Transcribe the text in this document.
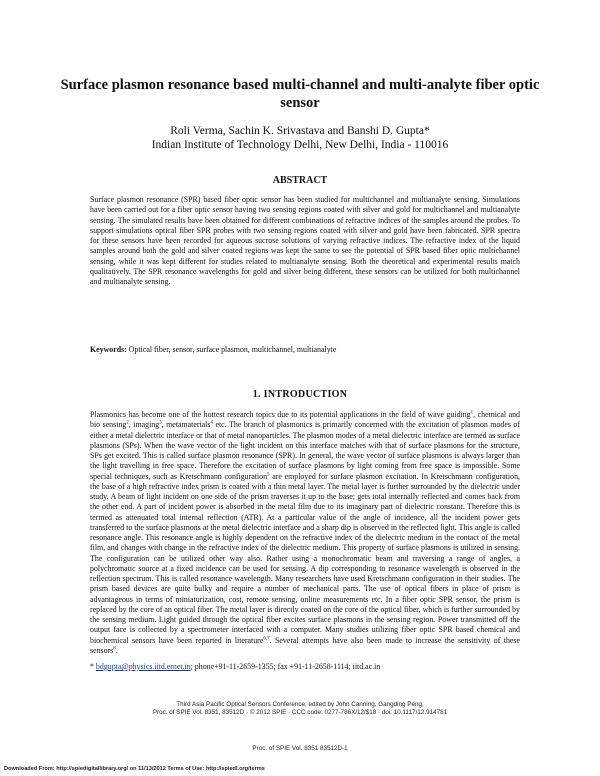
Surface plasmon resonance based multi-channel and multi-analyte fiber optic sensor
Roli Verma, Sachin K. Srivastava and Banshi D. Gupta*
Indian Institute of Technology Delhi, New Delhi, India - 110016
ABSTRACT
Surface plasmon resonance (SPR) based fiber optic sensor has been studied for multichannel and multianalyte sensing. Simulations have been carried out for a fiber optic sensor having two sensing regions coated with silver and gold for multichannel and multianalyte sensing. The simulated results have been obtained for different combinations of refractive indices of the samples around the probes. To support simulations optical fiber SPR probes with two sensing regions coated with silver and gold have been fabricated. SPR spectra for these sensors have been recorded for aqueous sucrose solutions of varying refractive indices. The refractive index of the liquid samples around both the gold and silver coated regions was kept the same to see the potential of SPR based fiber optic multichannel sensing, while it was kept different for studies related to multianalyte sensing. Both the theoretical and experimental results match qualitatively. The SPR resonance wavelengths for gold and silver being different, these sensors can be utilized for both multichannel and multianalyte sensing.
Keywords: Optical fiber, sensor, surface plasmon, multichannel, multianalyte
1. INTRODUCTION
Plasmonics has become one of the hottest research topics due to its potential applications in the field of wave guiding$^1$, chemical and bio sensing$^2$, imaging$^3$, metamaterials$^4$ etc. The branch of plasmonics is primarily concerned with the excitation of plasmon modes of either a metal dielectric interface or that of metal nanoparticles. The plasmon modes of a metal dielectric interface are termed as surface plasmons (SPs). When the wave vector of the light incident on this interface matches with that of surface plasmons for the structure, SPs get excited. This is called surface plasmon resonance (SPR). In general, the wave vector of surface plasmons is always larger than the light travelling in free space. Therefore the excitation of surface plasmons by light coming from free space is impossible. Some special techniques, such as Kretschmann configuration$^5$ are employed for surface plasmon excitation. In Kretschmann configuration, the base of a high refractive index prism is coated with a thin metal layer. The metal layer is further surrounded by the dielectric under study. A beam of light incident on one side of the prism traverses it up to the base; gets total internally reflected and comes back from the other end. A part of incident power is absorbed in the metal film due to its imaginary part of dielectric constant. Therefore this is termed as attenuated total internal reflection (ATR). At a particular value of the angle of incidence, all the incident power gets transferred to the surface plasmons at the metal dielectric interface and a sharp dip is observed in the reflected light. This angle is called resonance angle. This resonance angle is highly dependent on the refractive index of the dielectric medium in the contact of the metal film, and changes with change in the refractive index of the dielectric medium. This property of surface plasmons is utilized in sensing. The configuration can be utilized other way also. Rather using a monochromatic beam and traversing a range of angles, a polychromatic source at a fixed incidence can be used for sensing. A dip corresponding to resonance wavelength is observed in the reflection spectrum. This is called resonance wavelength. Many researchers have used Kretschmann configuration in their studies. The prism based devices are quite bulky and require a number of mechanical parts. The use of optical fibers in place of prism is advantageous in terms of miniaturization, cost, remote sensing, online measurements etc. In a fiber optic SPR sensor, the prism is replaced by the core of an optical fiber. The metal layer is directly coated on the core of the optical fiber, which is further surrounded by the sensing medium. Light guided through the optical fiber excites surface plasmons in the sensing region. Power transmitted off the output face is collected by a spectrometer interfaced with a computer. Many studies utilizing fiber optic SPR based chemical and biochemical sensors have been reported in literature$^{6,7}$. Several attempts have also been made to increase the sensitivity of these sensors$^8$.
* bdgupta@physics.iitd.ernet.in; phone+91-11-2659-1355; fax +91-11-2658-1114; iitd.ac.in
Third Asia Pacific Optical Sensors Conference, edited by John Canning, Gangding Peng,
Proc. of SPIE Vol. 8351, 83512D · © 2012 SPIE · CCC code: 0277-786X/12/$18 · doi: 10.1117/12.914781
Proc. of SPIE Vol. 8351 83512D-1
Downloaded From: http://spiedigitallibrary.org/ on 11/13/2012 Terms of Use: http://spiedl.org/terms
